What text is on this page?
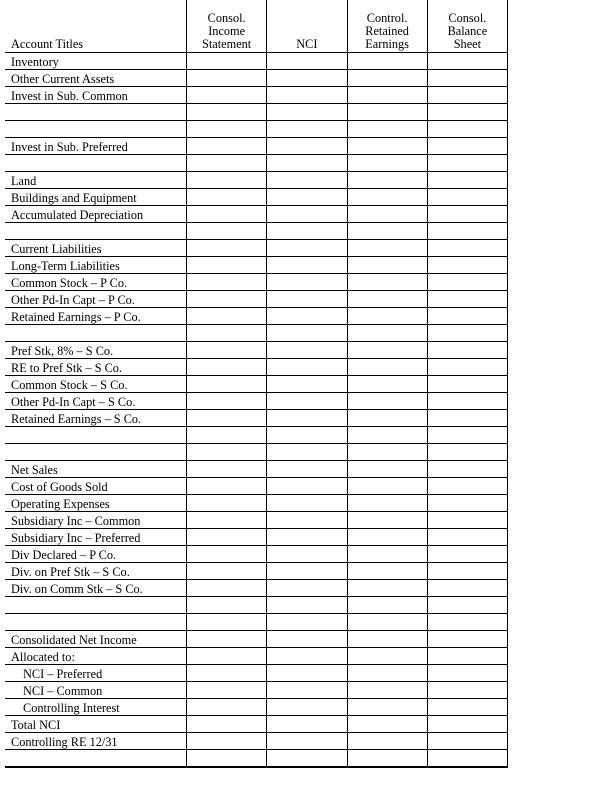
Account Titles	Consol.
Income
Statement	NCI	Control.
Retained
Earnings	Consol.
Balance
Sheet
Inventory				
Other Current Assets				
Invest in Sub. Common				

Invest in Sub. Preferred				

Land				
Buildings and Equipment				
Accumulated Depreciation				

Current Liabilities				
Long-Term Liabilities				
Common Stock – P Co.				
Other Pd-In Capt – P Co.				
Retained Earnings – P Co.				

Pref Stk, 8% – S Co.				
RE to Pref Stk – S Co.				
Common Stock – S Co.				
Other Pd-In Capt – S Co.				
Retained Earnings – S Co.				

Net Sales				
Cost of Goods Sold				
Operating Expenses				
Subsidiary Inc – Common				
Subsidiary Inc – Preferred				
Div Declared – P Co.				
Div. on Pref Stk – S Co.				
Div. on Comm Stk – S Co.				

Consolidated Net Income				
Allocated to:				
NCI – Preferred				
NCI – Common				
Controlling Interest				
Total NCI				
Controlling RE 12/31				
